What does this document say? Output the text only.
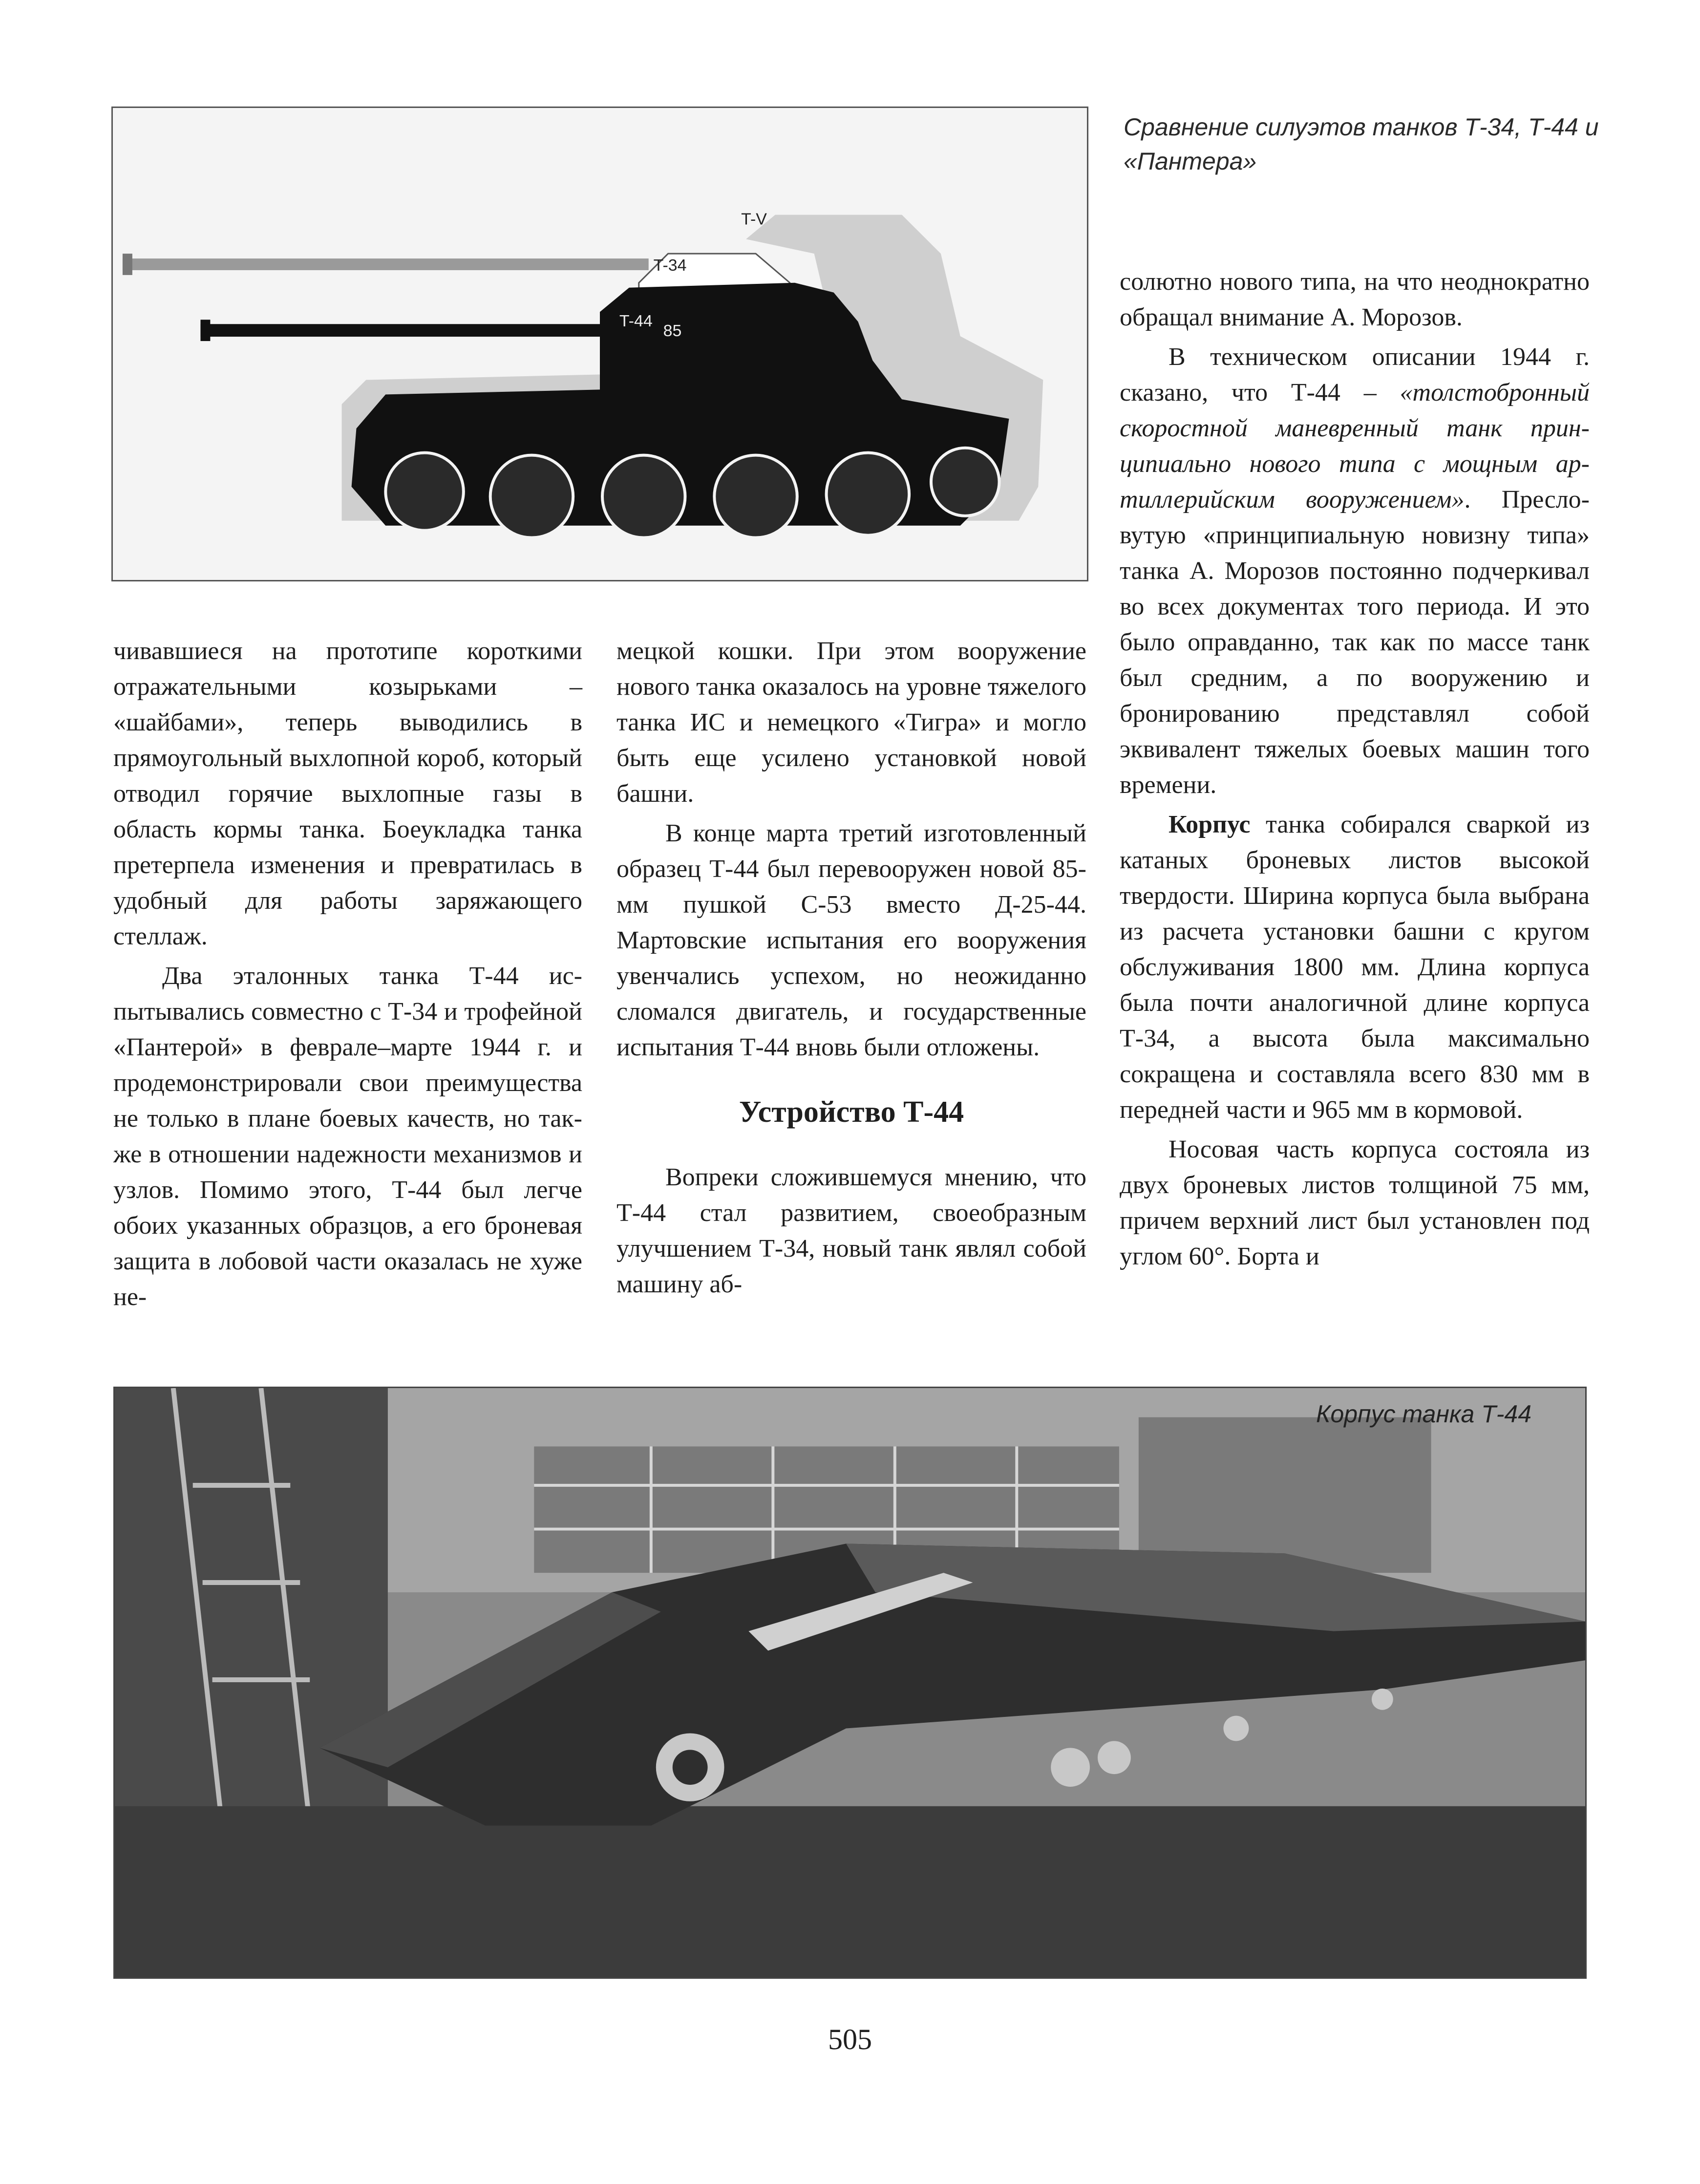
T-V
T-34
T-44
85
Сравнение силуэтов танков Т-34, Т-44 и «Пантера»

чивавшиеся на прототипе короткими отражательными козырьками – «шайбами», теперь выводились в прямоугольный выхлопной короб, который отводил горячие выхлопные газы в область кормы танка. Боеукладка танка претерпела изменения и превратилась в удобный для работы заряжающего стеллаж.

Два эталонных танка Т-44 испытывались совместно с Т-34 и трофейной «Пантерой» в феврале–марте 1944 г. и продемонстрировали свои преимущества не только в плане боевых качеств, но также в отношении надежности механизмов и узлов. Помимо этого, Т-44 был легче обоих указанных образцов, а его броневая защита в лобовой части оказалась не хуже не-

мецкой кошки. При этом вооружение нового танка оказалось на уровне тяжелого танка ИС и немецкого «Тигра» и могло быть еще усилено установкой новой башни.

В конце марта третий изготовленный образец Т-44 был перевооружен новой 85-мм пушкой С-53 вместо Д-25-44. Мартовские испытания его вооружения увенчались успехом, но неожиданно сломался двигатель, и государственные испытания Т-44 вновь были отложены.

Устройство Т-44

Вопреки сложившемуся мнению, что Т-44 стал развитием, своеобразным улучшением Т-34, новый танк являл собой машину аб-

солютно нового типа, на что неоднократно обращал внимание А. Морозов.

В техническом описании 1944 г. сказано, что Т-44 – «толстобронный скоростной маневренный танк принципиально нового типа с мощным артиллерийским вооружением». Пресловутую «принципиальную новизну типа» танка А. Морозов постоянно подчеркивал во всех документах того периода. И это было оправданно, так как по массе танк был средним, а по вооружению и бронированию представлял собой эквивалент тяжелых боевых машин того времени.

Корпус танка собирался сваркой из катаных броневых листов высокой твердости. Ширина корпуса была выбрана из расчета установки башни с кругом обслуживания 1800 мм. Длина корпуса была почти аналогичной длине корпуса Т-34, а высота была максимально сокращена и составляла всего 830 мм в передней части и 965 мм в кормовой.

Носовая часть корпуса состояла из двух броневых листов толщиной 75 мм, причем верхний лист был установлен под углом 60°. Борта и

Корпус танка Т-44
505
